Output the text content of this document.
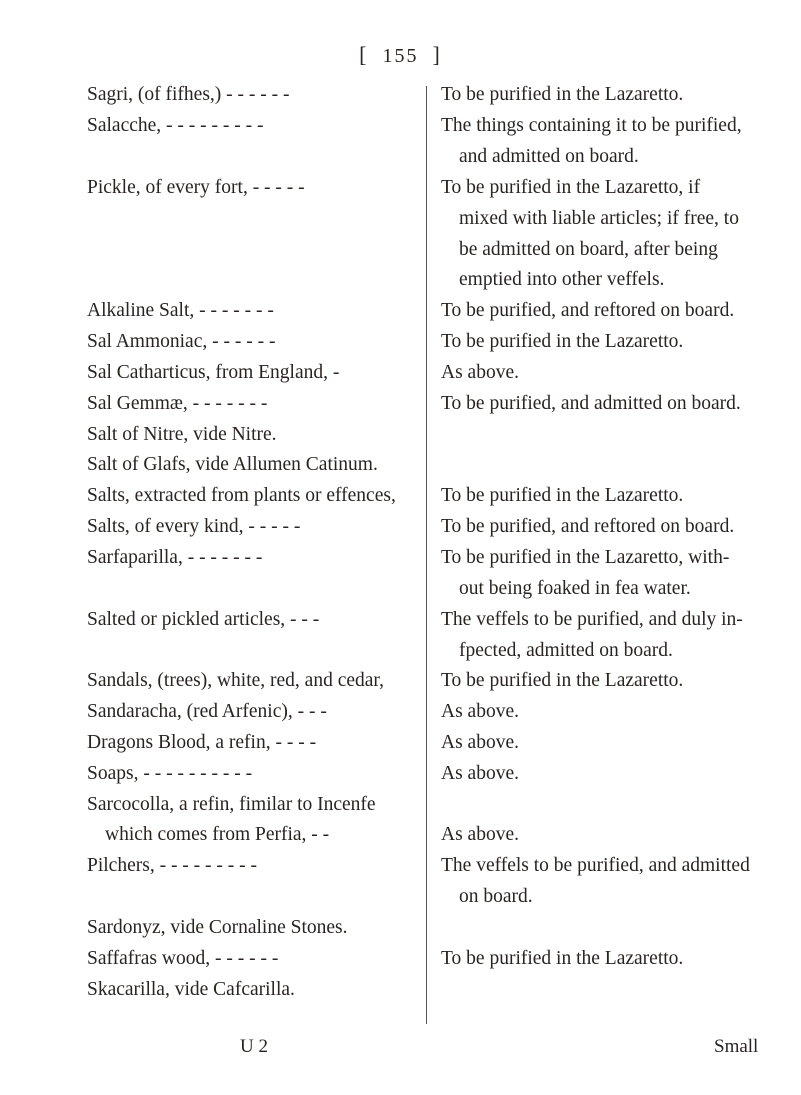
[ 155 ]
Sagri, (of fifhes,) - - - - - -
Salacche, - - - - - - - - -
Pickle, of every fort, - - - - -
Alkaline Salt, - - - - - - -
Sal Ammoniac, - - - - - -
Sal Catharticus, from England, -
Sal Gemmæ, - - - - - - -
Salt of Nitre, vide Nitre.
Salt of Glafs, vide Allumen Catinum.
Salts, extracted from plants or effences,
Salts, of every kind, - - - - -
Sarfaparilla, - - - - - - -
Salted or pickled articles, - - -
Sandals, (trees), white, red, and cedar,
Sandaracha, (red Arfenic), - - -
Dragons Blood, a refin, - - - -
Soaps, - - - - - - - - - -
Sarcocolla, a refin, fimilar to Incenfe
which comes from Perfia, - -
Pilchers, - - - - - - - - -
Sardonyz, vide Cornaline Stones.
Saffafras wood, - - - - - -
Skacarilla, vide Cafcarilla.
To be purified in the Lazaretto.
The things containing it to be purified,
and admitted on board.
To be purified in the Lazaretto, if
mixed with liable articles; if free, to
be admitted on board, after being
emptied into other veffels.
To be purified, and reftored on board.
To be purified in the Lazaretto.
As above.
To be purified, and admitted on board.
To be purified in the Lazaretto.
To be purified, and reftored on board.
To be purified in the Lazaretto, with-
out being foaked in fea water.
The veffels to be purified, and duly in-
fpected, admitted on board.
To be purified in the Lazaretto.
As above.
As above.
As above.
As above.
The veffels to be purified, and admitted
on board.
To be purified in the Lazaretto.
U 2	Small
